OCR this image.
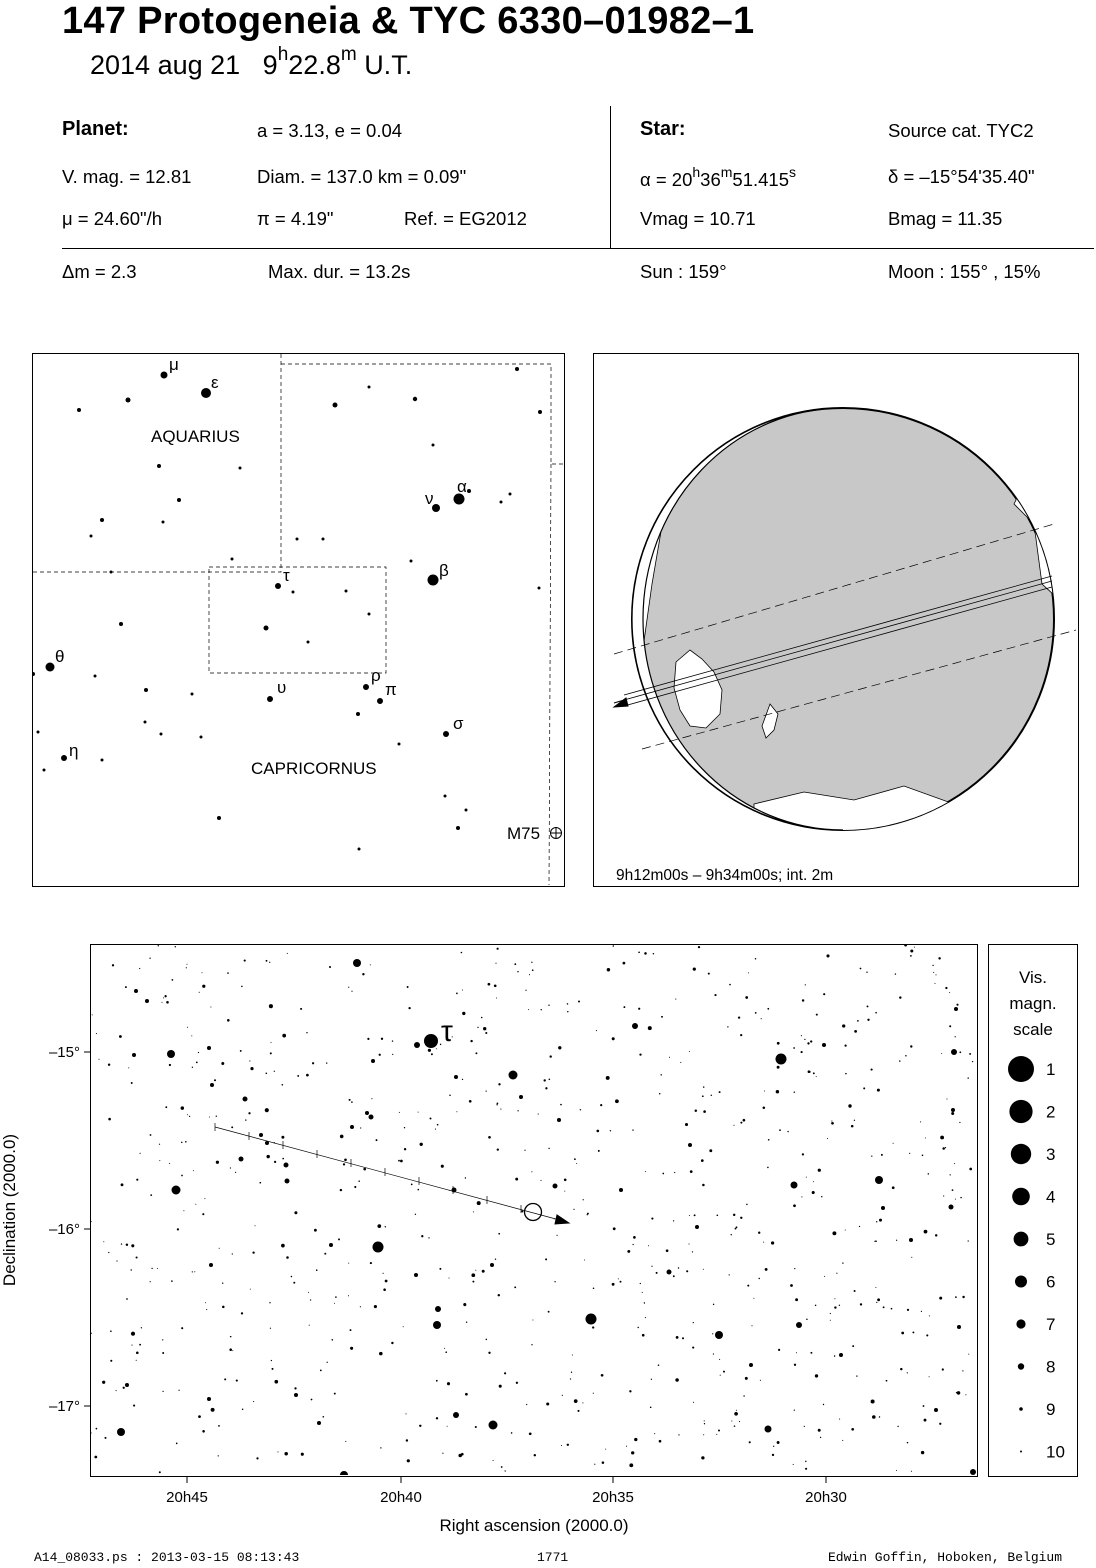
147 Protogeneia & TYC 6330–01982–1
2014 aug 21 9$^h$22.8$^m$ U.T.
Planet:	a = 3.13, e = 0.04
V. mag. = 12.81	Diam. = 137.0 km = 0.09"
μ = 24.60"/h	π = 4.19"	Ref. = EG2012
Star:	Source cat. TYC2
$\alpha = 20^h36^m51.415^s$	δ = –15°54'35.40"
Vmag = 10.71	Bmag = 11.35
Δm = 2.3	Max. dur. = 13.2s	Sun : 159°	Moon : 155° , 15%
μ
ε
ν
α
β
τ
θ
υ
ρ
π
σ
η
AQUARIUS
CAPRICORNUS
M75
9h12m00s – 9h34m00s; int. 2m
τ
–15°
–16°
–17°
20h45	20h40	20h35	20h30
Right ascension (2000.0)
Declination (2000.0)
Vis.
magn.
scale
1
2
3
4
5
6
7
8
9
10
A14_08033.ps : 2013-03-15 08:13:43	1771	Edwin Goffin, Hoboken, Belgium
